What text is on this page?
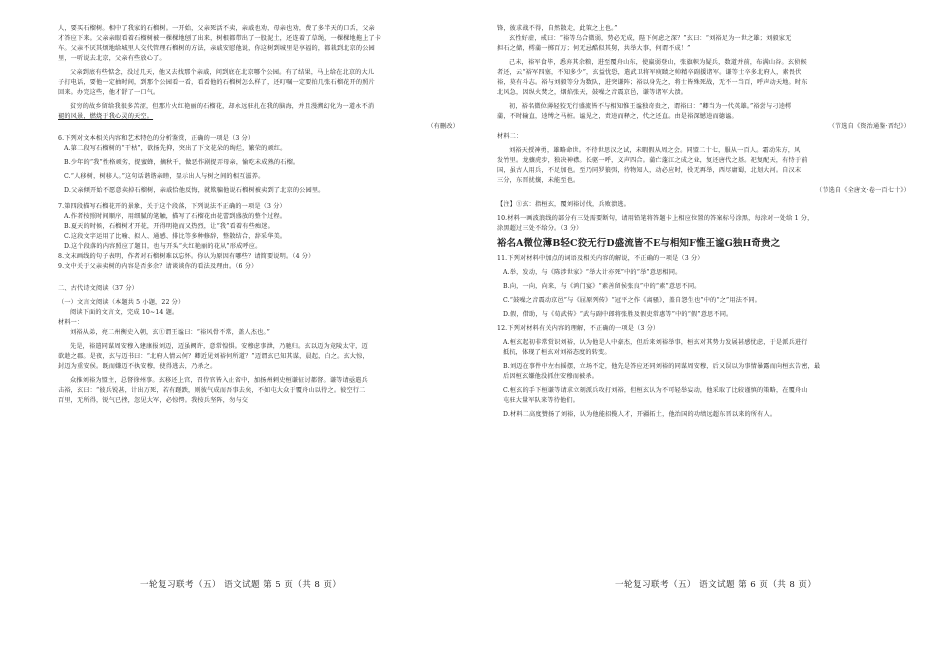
人，要买石榴树。相中了我家的石榴树。一开始，父亲死活不卖，亲戚也劝，母亲也劝，费了多半天的口舌，父亲

才答应下来。父亲亲眼看着石榴树被一棵棵地刨了出来，树根都带出了一股泥土，还连着了草绳，一棵棵地拖上了卡

车。父亲不厌其烦地给城里人交代管理石榴树的方法，亲戚安慰他说，你这树到城里是享福的，都栽到北京的公园

里，一听说去北京，父亲有些放心了。

父亲到底有些惦念，没过几天，他又去找那个亲戚，问到底在北京哪个公园。有了结果，马上给在北京的大儿

子打电话，要他一定抽时间，到那个公园看一看，看看他的石榴树怎么样了，还叮嘱一定要拍几张石榴花开的照片

回来。办完这些，他才舒了一口气。

贫穷的故乡留给我很多苦涩，但那片火红艳丽的石榴花，却永远驻扎在我的脑海，并且漫溯幻化为一道永不消

褪的风景，燃烧于我心灵的天空。

（有删改）

6.下列对文本相关内容和艺术特色的分析鉴赏，正确的一项是（3 分）

A.第二段写石榴树的“干枯”，欲扬先抑，突出了下文花朵的绚烂，繁荣的顽红。

B.少年的“我”性格顽劣，捉蜜蜂，摘秋千，做恶作剧捉弄母亲，愉吃未成熟的石榴。

C.“人移树，树移人。”这句话谐谐亲睦，显示出人与树之间的相互滋养。

D.父亲倾开始不愿意卖掉石榴树，亲戚恰他反悔，就欺骗他说石榴树被卖到了北京的公园里。

7.第四段描写石榴花开的景象，关于这个段落，下列说法不正确的一项是（3 分）

A.作者按照时间顺序，用细腻的笔触，描写了石榴花由花蕾到盛放的整个过程。

B.夏天的时候，石榴树才开花，开得明艳而又热烈，让“我”看着有些痴迷。

C.这段文字运用了比喻、拟人、通感、排比等多种修辞，整散结合，辞采华美。

D.这个段落的内容照应了题目，也与开头“火红艳丽的花从”形成呼应。

8.文末画线的句子表明，作者对石榴树难以忘怀。你认为原因有哪些？请简要说明。（4 分）

9.文中关于父亲卖树的内容是否多余？请谈谈你的看法及理由。（6 分）

二、古代诗文阅读（37 分）

（一）文言文阅读（本题共 5 小题，22 分）

阅读下面的文言文，完成 10~14 题。

材料一：

刘裕从弟，亮二州衡史入朝，玄①谓王谧曰：“裕风骨不常，盖人杰也。”

先是，裕遣同谋周安穆入建康报刘迈，迈虽阙许，意常惶惧。安穆虑事泄，乃驰归。玄以迈为竟陵太守，迈

欲趁之郡。是夜，玄与迈书曰：“北府人情云何？卿近见刘裕何所道？”迈谓玄已知其谋，晨起，白之。玄大惊，

封迈为重安侯。既而嫌迈不执安穆，使得逃去，乃杀之。

众推刘裕为盟主，总督徐州事。玄移还上宫，召侍官皆入止省中，加扬州刺史桓谦征讨都督。谦等请亟遣兵

击裕，玄曰：“彼兵锐甚，计出万死，若有蹉跌，则彼气成而吾事去矣，不如屯大众于覆舟山以待之。彼空行二

百里，无所得，锐气已挫，忽见大军，必惊愕。我按兵坚阵，勿与交

一轮复习联考（五） 语文试题 第 5 页（共 8 页）

锋，彼求战不得，自然散走，此策之上也。”

玄性好虚，戒曰：“裕等乌合微弱，势必无成，陛下何虑之深？”玄曰：“刘裕足为一世之雄；刘毅家无

担石之储，樗蒲一掷百万；何无忌酷似其舅，共举大事，何谓不成！”

己未，裕军食毕，悉弃其余粮，进至覆舟山东，使羸弱登山，张旗帜为疑兵，数道并前，布满山谷。玄侦候

者还，云“裕军四塞，不知多少”，玄益忧恐，遣武卫将军庾赜之帅精卒副援诸军。谦等士卒多北府人，素畏伏

裕，莫有斗志。裕与刘毅等分为数队，进突谦阵；裕以身先之，将士皆殊死战，无不一当百，呼声动天地。时东

北风急，因纵火焚之，烟焰张天，鼓噪之音震京邑，谦等诸军大溃。

初，裕名微位薄轻狡无行盛流皆不与相知惟王谧独奇贵之，谓裕曰：“卿当为一代英雄。”裕尝与刁逵樗

蒲，不时输直，逵缚之马桩。谧见之，责逵而释之，代之还直。由是裕深憾逵而德谧。

（节选自《资治通鉴·晋纪》）

材料二：

刘裕天授神勇，雄略命世。不待世思汉之试，未暇假从周之会。同盟二十七，服从一百人。霜动朱方，风

发竹里。龙骧虎步，独决神襟。长驱一呼，义声四合。蒲亡蓬江之成之业，复还唐代之基。祀复配天，有恃于前

国，虽古人用兵，不足加也。至乃同罗狼弭，待物知人，动必应时，役无再举，西尽庸蜀，北划大河。自汉末

三分，东晋扰攘，未能至也。

（节选自《全唐文·卷一百七十》）

【注】①玄：指桓玄，覆刘裕讨伐，兵败溃逃。

10.材料一画波浪线的部分有三处需要断句，请用铅笔将答题卡上相应位置的答案标号涂黑，每涂对一处给 1 分，

涂黑超过三处不给分。（3 分）

裕名A微位薄B轻C狡无行D盛流皆不E与相知F惟王谧G独H奇贵之

11.下列对材料中加点的词语及相关内容的解说，不正确的一项是（3 分）

A.举，发动，与《陈涉世家》“举大计亦死”中的“举”意思相同。

B.向，一向，向来，与《鸿门宴》“素善留侯张良”中的“素”意思不同。

C.“鼓噪之音震动京邑”与《屈原列传》“冠平之作《离骚》，盖自怨生也”中的“之”用法不同。

D.假，借助，与《荀武传》“武与副中郎将张胜及假吏常惠等”中的“假”意思不同。

12.下列对材料有关内容的理解，不正确的一项是（3 分）

A.桓玄起初非常赏识刘裕，认为他是人中豪杰，但后来刘裕举事，桓玄对其势力发展甚感忧虑，于是派兵进行

抵抗，体现了桓玄对刘裕态度的转变。

B.刘迈在事件中左右摇摆，立场不定，他先是答应还同刘裕的同谋周安穆，后又误以为事情暴露而向桓玄告密，最

后因桓玄嫌他没抓住安穆而被杀。

C.桓玄的手下桓谦等请求立刻派兵攻打刘裕，但桓玄认为不可轻举妄动，他采取了比较谨慎的策略，在覆舟山

屯驻大量军队来等待他们。

D.材料二高度赞扬了刘裕，认为他能招揽人才，开疆拓土，他治国的功绩远超东晋以来的所有人。

一轮复习联考（五） 语文试题 第 6 页（共 8 页）
